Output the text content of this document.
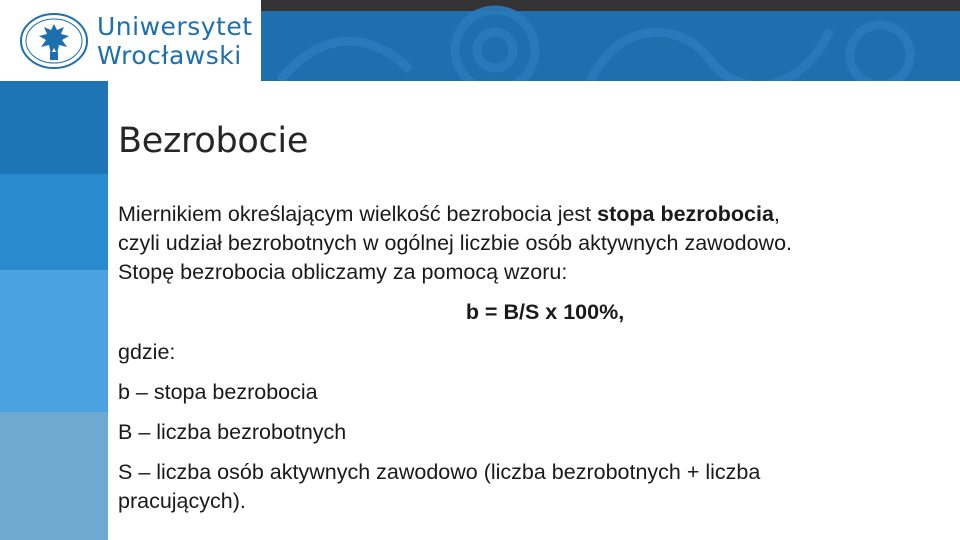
Uniwersytet
Wrocławski
Bezrobocie

Miernikiem określającym wielkość bezrobocia jest stopa bezrobocia,

czyli udział bezrobotnych w ogólnej liczbie osób aktywnych zawodowo.

Stopę bezrobocia obliczamy za pomocą wzoru:

b = B/S x 100%,
gdzie:
b – stopa bezrobocia
B – liczba bezrobotnych
S – liczba osób aktywnych zawodowo (liczba bezrobotnych + liczba
pracujących).
